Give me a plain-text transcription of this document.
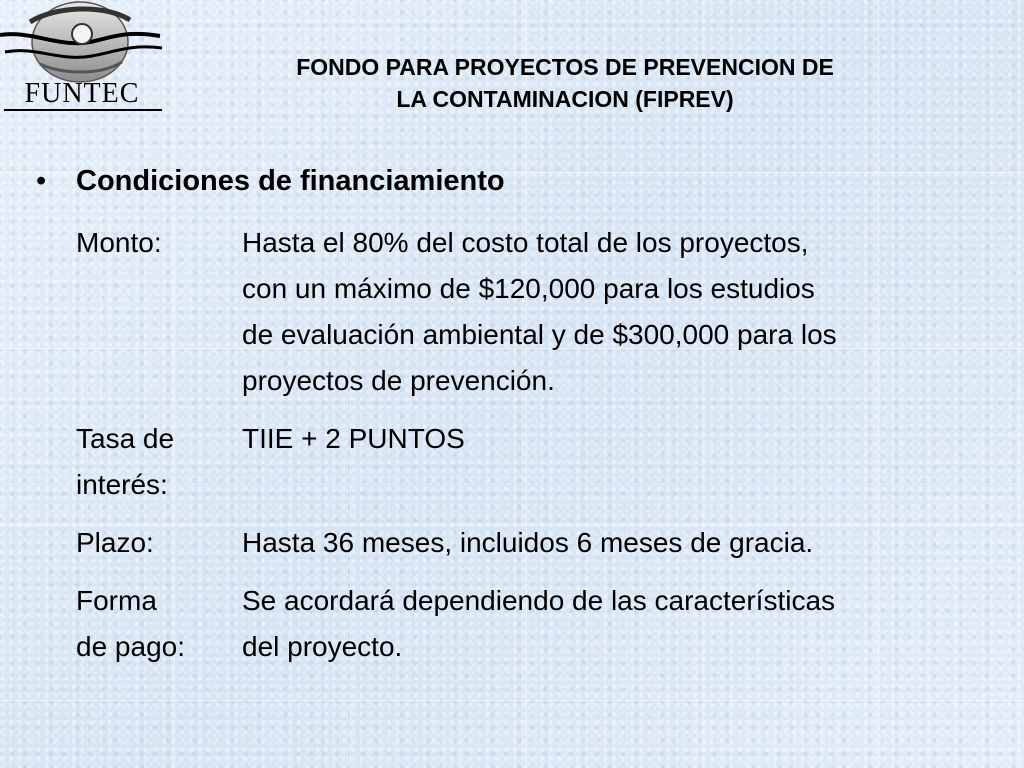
FUNTEC
FONDO PARA PROYECTOS DE PREVENCION DE
LA CONTAMINACION (FIPREV)
• Condiciones de financiamiento
Monto:	Hasta el 80% del costo total de los proyectos,
con un máximo de $120,000 para los estudios
de evaluación ambiental y de $300,000 para los
proyectos de prevención.
Tasa de
interés:
TIIE + 2 PUNTOS
Plazo:	Hasta 36 meses, incluidos 6 meses de gracia.
Forma
de pago:
Se acordará dependiendo de las características
del proyecto.
